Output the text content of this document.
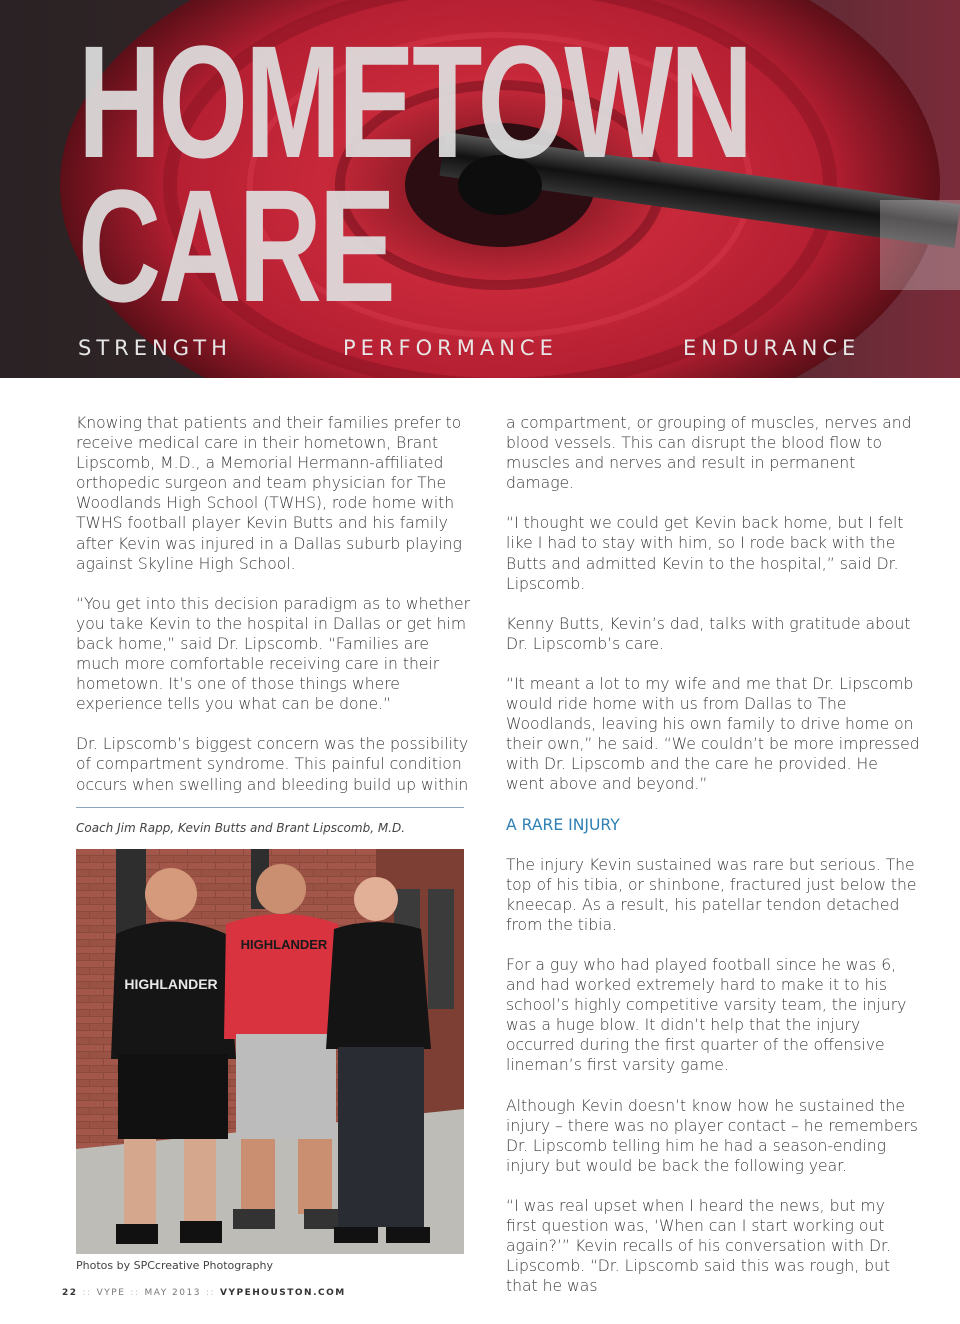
HOMETOWN
CARE
STRENGTH	PERFORMANCE	ENDURANCE

Knowing that patients and their families prefer to receive medical care in their hometown, Brant Lipscomb, M.D., a Memorial Hermann-affiliated orthopedic surgeon and team physician for The Woodlands High School (TWHS), rode home with TWHS football player Kevin Butts and his family after Kevin was injured in a Dallas suburb playing against Skyline High School.

“You get into this decision paradigm as to whether you take Kevin to the hospital in Dallas or get him back home,” said Dr. Lipscomb. “Families are much more comfortable receiving care in their hometown. It’s one of those things where experience tells you what can be done.”

Dr. Lipscomb’s biggest concern was the possibility of compartment syndrome. This painful condition occurs when swelling and bleeding build up within

Coach Jim Rapp, Kevin Butts and Brant Lipscomb, M.D.
HIGHLANDER
HIGHLANDER
Photos by SPCcreative Photography

a compartment, or grouping of muscles, nerves and blood vessels. This can disrupt the blood flow to muscles and nerves and result in permanent damage.

“I thought we could get Kevin back home, but I felt like I had to stay with him, so I rode back with the Butts and admitted Kevin to the hospital,” said Dr. Lipscomb.

Kenny Butts, Kevin’s dad, talks with gratitude about Dr. Lipscomb’s care.

“It meant a lot to my wife and me that Dr. Lipscomb would ride home with us from Dallas to The Woodlands, leaving his own family to drive home on their own,” he said. “We couldn’t be more impressed with Dr. Lipscomb and the care he provided. He went above and beyond.”

A RARE INJURY

The injury Kevin sustained was rare but serious. The top of his tibia, or shinbone, fractured just below the kneecap. As a result, his patellar tendon detached from the tibia.

For a guy who had played football since he was 6, and had worked extremely hard to make it to his school’s highly competitive varsity team, the injury was a huge blow. It didn’t help that the injury occurred during the first quarter of the offensive lineman’s first varsity game.

Although Kevin doesn’t know how he sustained the injury – there was no player contact – he remembers Dr. Lipscomb telling him he had a season-ending injury but would be back the following year.

“I was real upset when I heard the news, but my first question was, ‘When can I start working out again?’” Kevin recalls of his conversation with Dr. Lipscomb. “Dr. Lipscomb said this was rough, but that he was

22 :: VYPE :: MAY 2013 :: VYPEHOUSTON.COM
